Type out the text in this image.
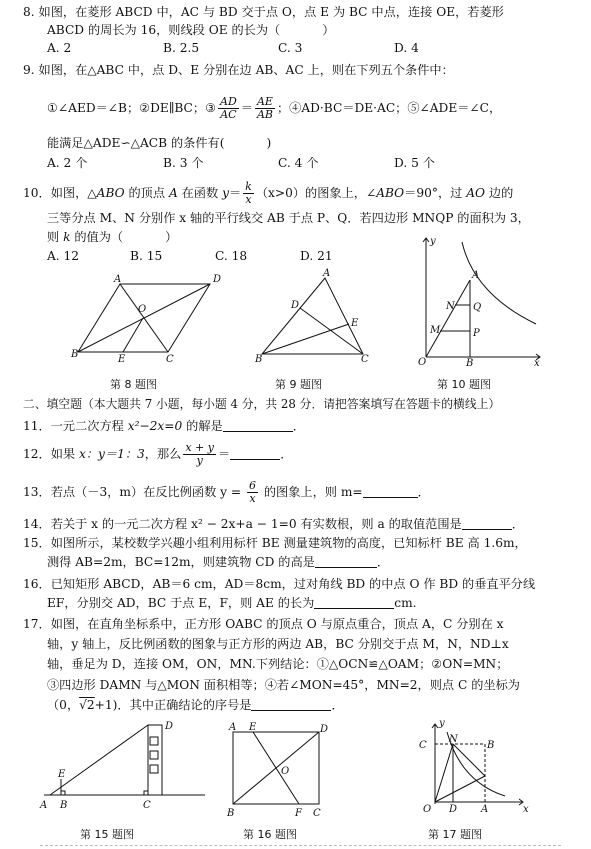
8. 如图，在菱形 ABCD 中，AC 与 BD 交于点 O，点 E 为 BC 中点，连接 OE，若菱形
ABCD 的周长为 16，则线段 OE 的长为（	）
A. 2	B. 2.5	C. 3	D. 4
9. 如图，在△ABC 中，点 D、E 分别在边 AB、AC 上，则在下列五个条件中：
①∠AED＝∠B；②DE∥BC；③ $\frac{AD}{AC} = \frac{AE}{AB}$ ；④AD·BC＝DE·AC；⑤∠ADE＝∠C，
能满足△ADE∽△ACB 的条件有(	)
A. 2 个	B. 3 个	C. 4 个	D. 5 个
10．如图，△ABO 的顶点 A 在函数 $y= \frac{k}{x} (x>0)$的图象上，∠ABO＝90°，过 AO 边的
三等分点 M、N 分别作 x 轴的平行线交 AB 于点 P、Q．若四边形 MNQP 的面积为 3，
则 k 的值为（	）
A. 12	B. 15	C. 18	D. 21
A	D
O
B	E	C
第 8 题图
A
D
E
B	C
第 9 题图
y
A
N Q
M	P
O	B	x
第 10 题图
二、填空题（本大题共 7 小题，每小题 4 分，共 28 分．请把答案填写在答题卡的横线上）
11．一元二次方程 x²−2x=0 的解是	．
12．如果 x：y＝1：3，那么 $\frac{x + y}{y}$ ＝	．
13．若点（－3，m）在反比例函数 $y = \frac{6}{x}$ 的图象上，则 m=	．
14．若关于 x 的一元二次方程 x² − 2x+a − 1=0 有实数根，则 a 的取值范围是	．
15．如图所示，某校数学兴趣小组利用标杆 BE 测量建筑物的高度，已知标杆 BE 高 1.6m，
测得 AB=2m，BC=12m，则建筑物 CD 的高是	．
16．已知矩形 ABCD，AB＝6 cm，AD＝8cm，过对角线 BD 的中点 O 作 BD 的垂直平分线
EF，分别交 AD，BC 于点 E，F，则 AE 的长为	cm.
17．如图，在直角坐标系中，正方形 OABC 的顶点 O 与原点重合，顶点 A，C 分别在 x
轴，y 轴上，反比例函数的图象与正方形的两边 AB，BC 分别交于点 M，N，ND⊥x
轴，垂足为 D，连接 OM，ON，MN.下列结论：①△OCN≌△OAM；②ON=MN；
③四边形 DAMN 与△MON 面积相等；④若∠MON=45°，MN=2，则点 C 的坐标为
（0，√2+1)．其中正确结论的序号是	．
E
A B	C
D
第 15 题图
A E	D
O
B	F C
第 16 题图
C
N
B
O D A	x
y
第 17 题图
